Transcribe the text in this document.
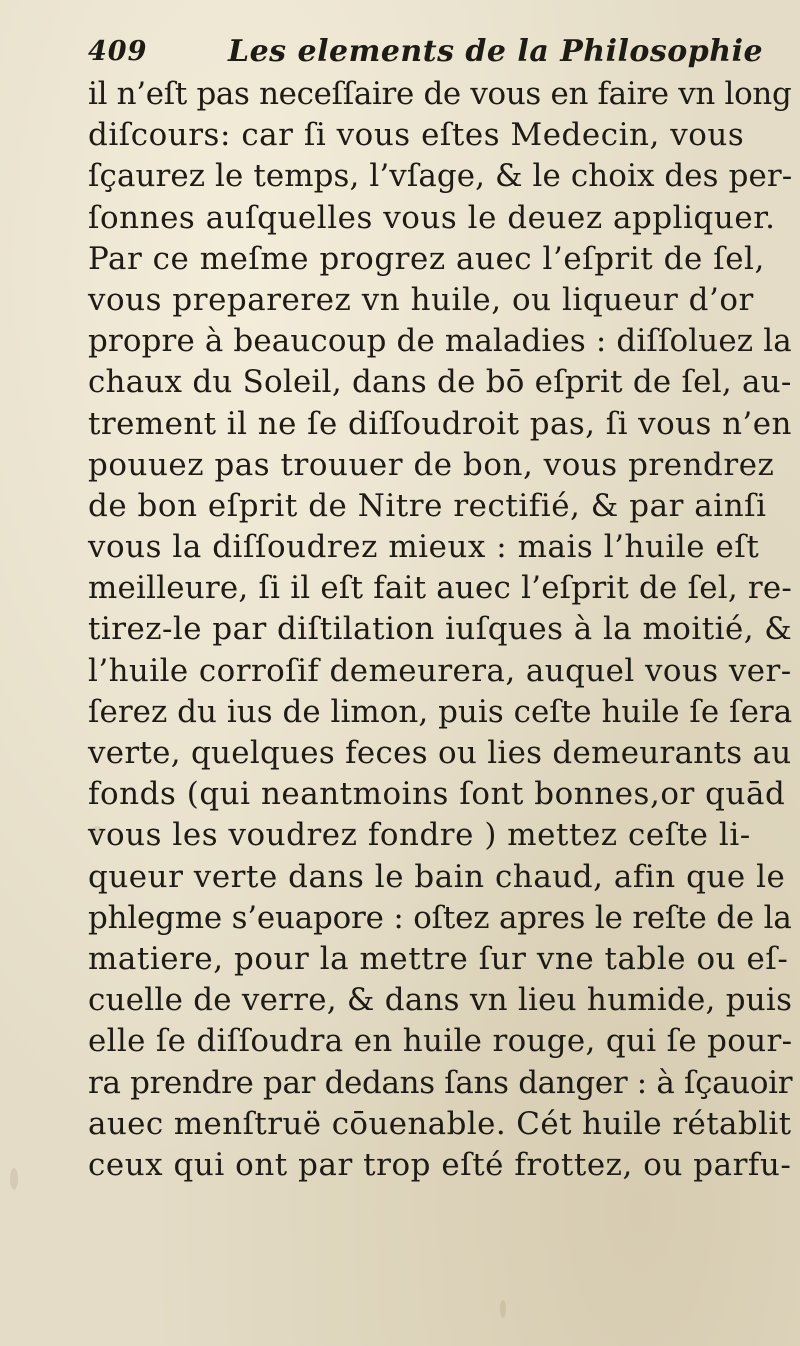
409	Les elements de la Philosophie
il n’eſt pas neceſſaire de vous en faire vn long
diſcours: car ſi vous eſtes Medecin, vous
ſçaurez le temps, l’vſage, & le choix des per-
ſonnes auſquelles vous le deuez appliquer.
Par ce meſme progrez auec l’eſprit de ſel,
vous preparerez vn huile, ou liqueur d’or
propre à beaucoup de maladies : diſſoluez la
chaux du Soleil, dans de bō eſprit de ſel, au-
trement il ne ſe diſſoudroit pas, ſi vous n’en
pouuez pas trouuer de bon, vous prendrez
de bon eſprit de Nitre rectifié, & par ainſi
vous la diſſoudrez mieux : mais l’huile eſt
meilleure, ſi il eſt fait auec l’eſprit de ſel, re-
tirez-le par diſtilation iuſques à la moitié, &
l’huile corroſif demeurera, auquel vous ver-
ſerez du ius de limon, puis ceſte huile ſe ſera
verte, quelques feces ou lies demeurants au
fonds (qui neantmoins ſont bonnes,or quād
vous les voudrez fondre ) mettez ceſte li-
queur verte dans le bain chaud, afin que le
phlegme s’euapore : oſtez apres le reſte de la
matiere, pour la mettre ſur vne table ou eſ-
cuelle de verre, & dans vn lieu humide, puis
elle ſe diſſoudra en huile rouge, qui ſe pour-
ra prendre par dedans ſans danger : à ſçauoir
auec menſtruë cōuenable. Cét huile rétablit
ceux qui ont par trop eſté frottez, ou parfu-
